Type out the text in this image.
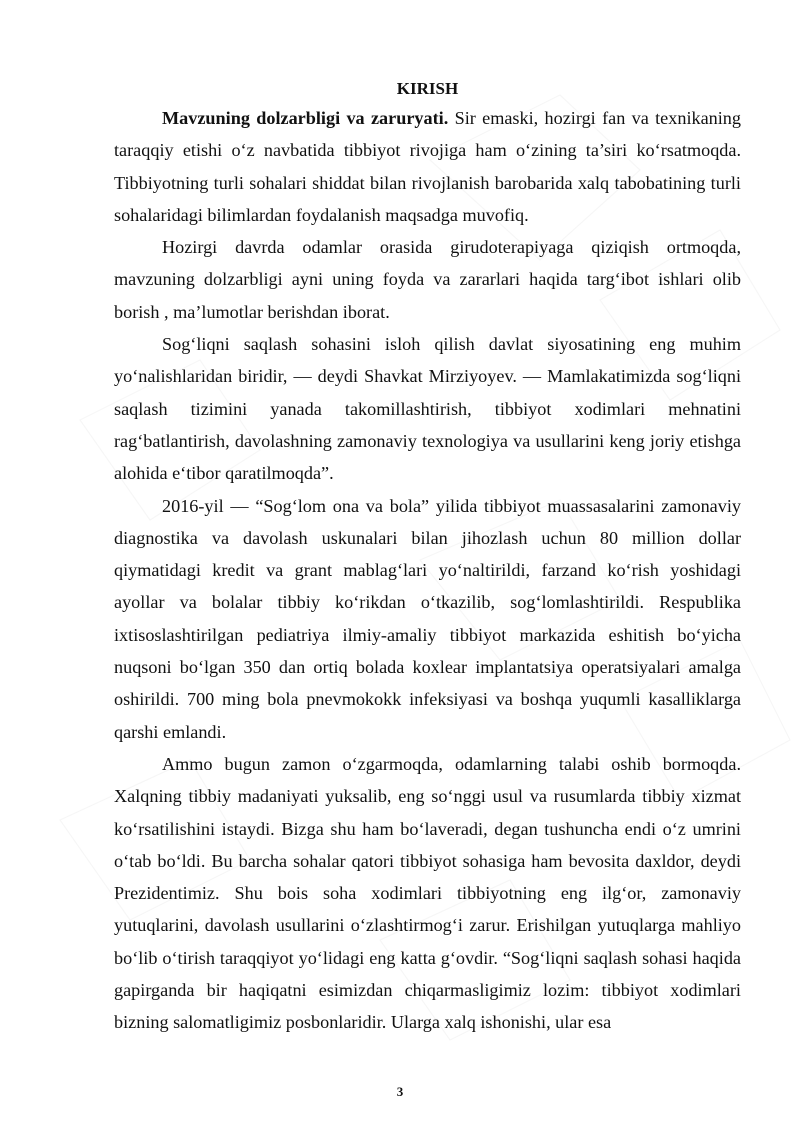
KIRISH

Mavzuning dolzarbligi va zaruryati. Sir emaski, hozirgi fan va texnikaning taraqqiy etishi o‘z navbatida tibbiyot rivojiga ham o‘zining ta’siri ko‘rsatmoqda. Tibbiyotning turli sohalari shiddat bilan rivojlanish barobarida xalq tabobatining turli sohalaridagi bilimlardan foydalanish maqsadga muvofiq.

Hozirgi davrda odamlar orasida girudoterapiyaga qiziqish ortmoqda, mavzuning dolzarbligi ayni uning foyda va zararlari haqida targ‘ibot ishlari olib borish , ma’lumotlar berishdan iborat.

Sog‘liqni saqlash sohasini isloh qilish davlat siyosatining eng muhim yo‘nalishlaridan biridir, — deydi Shavkat Mirziyoyev. — Mamlakatimizda sog‘liqni saqlash tizimini yanada takomillashtirish, tibbiyot xodimlari mehnatini rag‘batlantirish, davolashning zamonaviy texnologiya va usullarini keng joriy etishga alohida e‘tibor qaratilmoqda”.

2016-yil — “Sog‘lom ona va bola” yilida tibbiyot muassasalarini zamonaviy diagnostika va davolash uskunalari bilan jihozlash uchun 80 million dollar qiymatidagi kredit va grant mablag‘lari yo‘naltirildi, farzand ko‘rish yoshidagi ayollar va bolalar tibbiy ko‘rikdan o‘tkazilib, sog‘lomlashtirildi. Respublika ixtisoslashtirilgan pediatriya ilmiy-amaliy tibbiyot markazida eshitish bo‘yicha nuqsoni bo‘lgan 350 dan ortiq bolada koxlear implantatsiya operatsiyalari amalga oshirildi. 700 ming bola pnevmokokk infeksiyasi va boshqa yuqumli kasalliklarga qarshi emlandi.

Ammo bugun zamon o‘zgarmoqda, odamlarning talabi oshib bormoqda. Xalqning tibbiy madaniyati yuksalib, eng so‘nggi usul va rusumlarda tibbiy xizmat ko‘rsatilishini istaydi. Bizga shu ham bo‘laveradi, degan tushuncha endi o‘z umrini o‘tab bo‘ldi. Bu barcha sohalar qatori tibbiyot sohasiga ham bevosita daxldor, deydi Prezidentimiz. Shu bois soha xodimlari tibbiyotning eng ilg‘or, zamonaviy yutuqlarini, davolash usullarini o‘zlashtirmog‘i zarur. Erishilgan yutuqlarga mahliyo bo‘lib o‘tirish taraqqiyot yo‘lidagi eng katta g‘ovdir. “Sog‘liqni saqlash sohasi haqida gapirganda bir haqiqatni esimizdan chiqarmasligimiz lozim: tibbiyot xodimlari bizning salomatligimiz posbonlaridir. Ularga xalq ishonishi, ular esa

3
